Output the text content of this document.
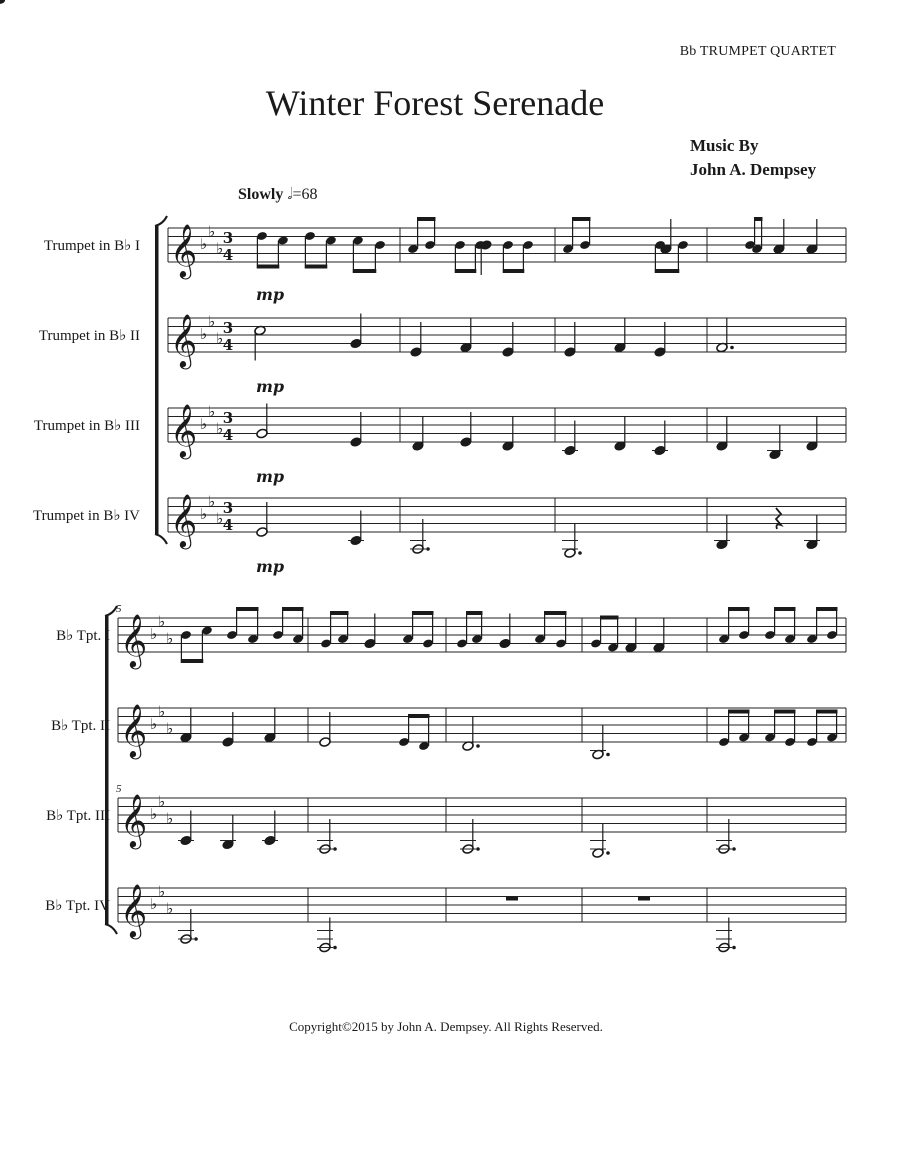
Bb TRUMPET QUARTET
Winter Forest Serenade
Music By
John A. Dempsey
Slowly 𝅗𝅥=68
Trumpet in B♭ I 𝄞 ♭
♭
♭
3
4
mp
Trumpet in B♭ II 𝄞 ♭
♭
♭
3
4
mp
Trumpet in B♭ III 𝄞 ♭
♭
♭
3
4
mp
Trumpet in B♭ IV 𝄞 ♭
♭
♭
3
4
mp
B♭ Tpt. I 𝄞 ♭
♭
♭
5
B♭ Tpt. II 𝄞 ♭
♭
♭
B♭ Tpt. III 𝄞 ♭
♭
♭
5
B♭ Tpt. IV 𝄞 ♭
♭
♭
Copyright©2015 by John A. Dempsey. All Rights Reserved.
